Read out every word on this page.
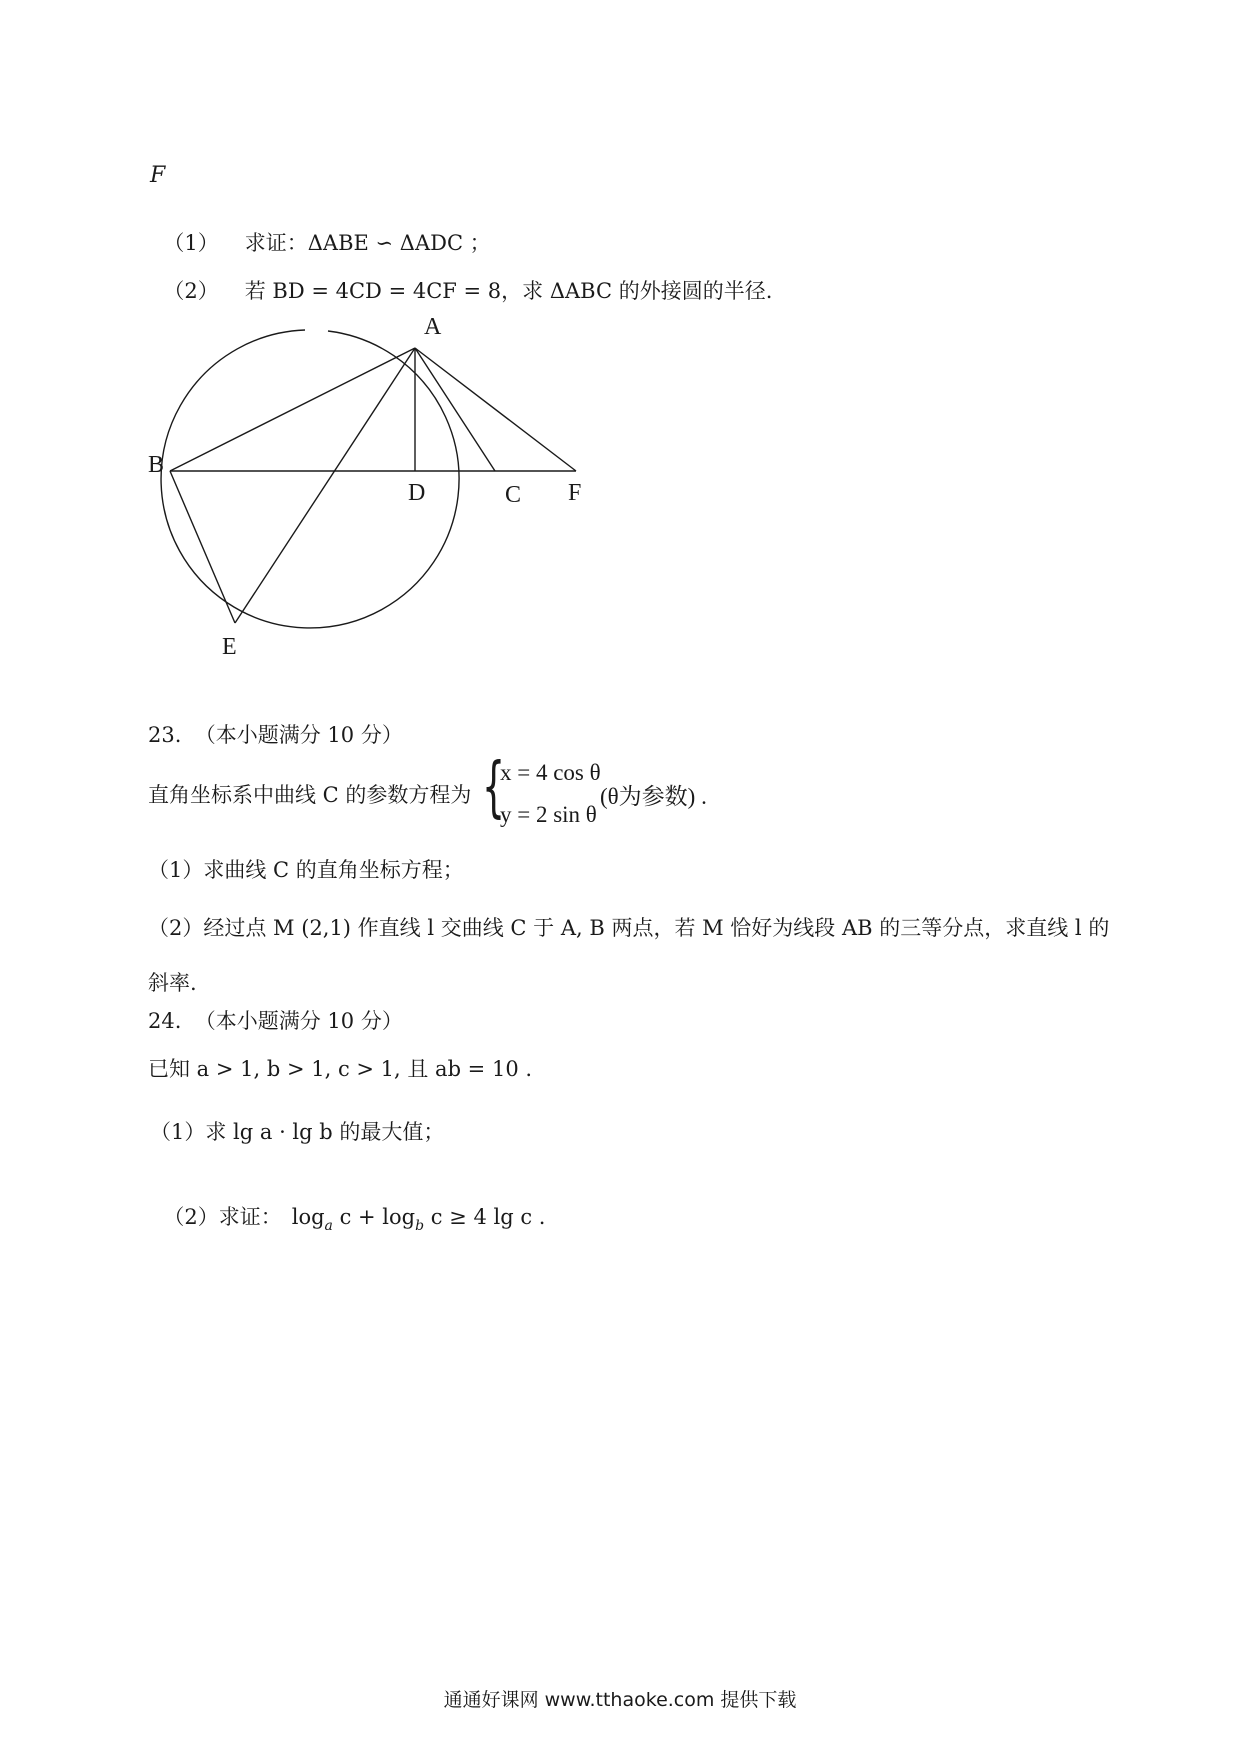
F

（1） 求证：ΔABE ∽ ΔADC ；

（2） 若 BD = 4CD = 4CF = 8，求 ΔABC 的外接圆的半径.

A
B
D	C F
E
23.  （本小题满分 10 分）
直角坐标系中曲线 C 的参数方程为 {
x = 4 cos θ
y = 2 sin θ
(θ为参数) .
（1）求曲线 C 的直角坐标方程；
（2）经过点 M (2,1) 作直线 l 交曲线 C 于 A, B 两点，若 M 恰好为线段 AB 的三等分点，求直线 l 的
斜率.
24.  （本小题满分 10 分）
已知 a > 1, b > 1, c > 1, 且 ab = 10 .
（1）求 lg a · lg b 的最大值；

（2）求证： $\log_a c + \log_b c \ge 4$ lg c .

通通好课网 www.tthaoke.com 提供下载
